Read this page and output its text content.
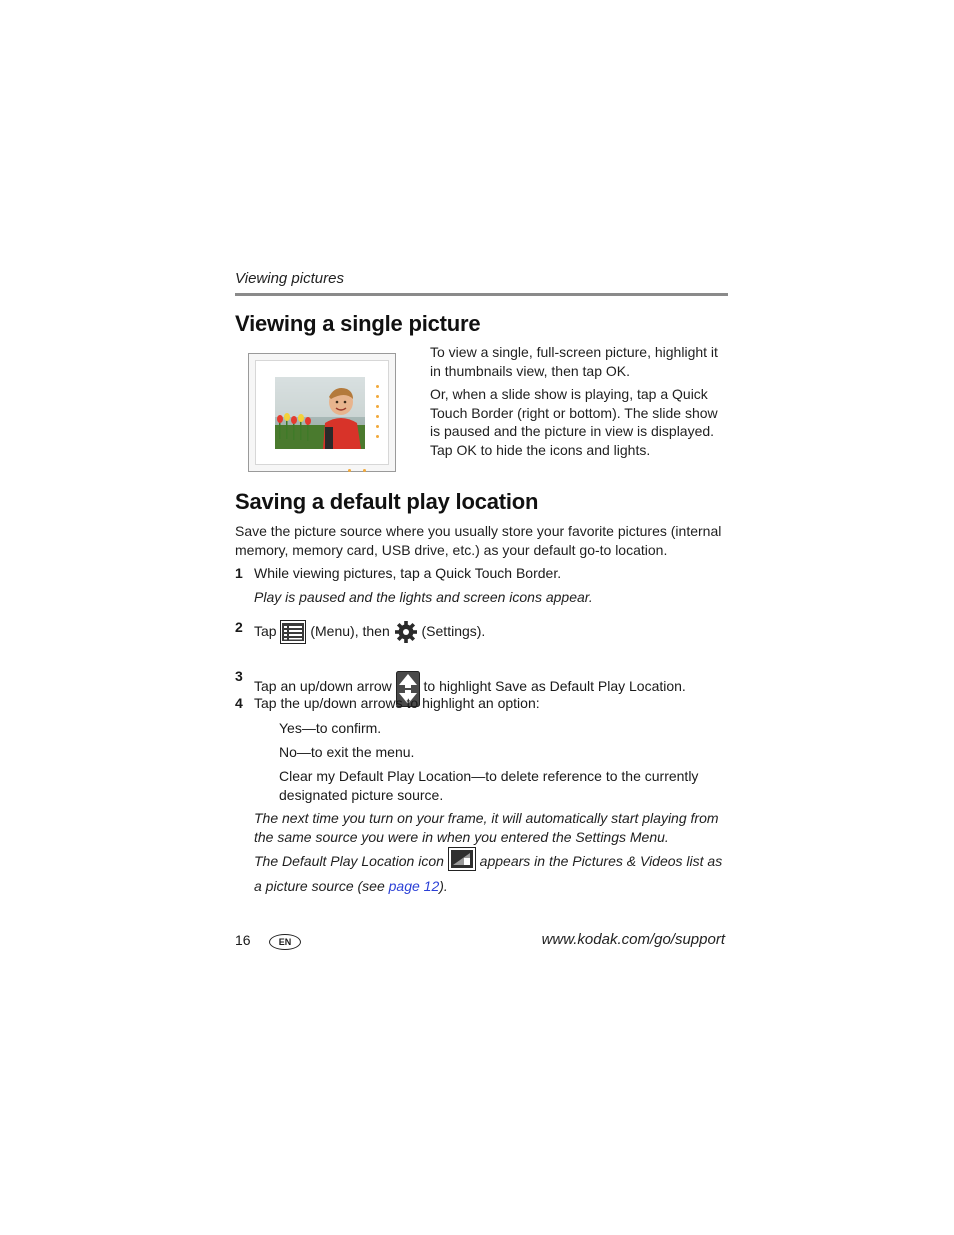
Viewing pictures
Viewing a single picture

To view a single, full-screen picture, highlight it in thumbnails view, then tap OK.

Or, when a slide show is playing, tap a Quick Touch Border (right or bottom). The slide show is paused and the picture in view is displayed. Tap OK to hide the icons and lights.

Saving a default play location

Save the picture source where you usually store your favorite pictures (internal memory, memory card, USB drive, etc.) as your default go-to location.

1 While viewing pictures, tap a Quick Touch Border.
Play is paused and the lights and screen icons appear.
2 Tap (Menu), then (Settings).
3
Tap an up/down arrow to highlight Save as Default Play Location.
4 Tap the up/down arrows to highlight an option:
Yes—to confirm.
No—to exit the menu.
Clear my Default Play Location—to delete reference to the currently designated picture source.

The next time you turn on your frame, it will automatically start playing from the same source you were in when you entered the Settings Menu.

The Default Play Location icon	appears in the Pictures & Videos list as a picture source (see page 12).

16	EN	www.kodak.com/go/support
